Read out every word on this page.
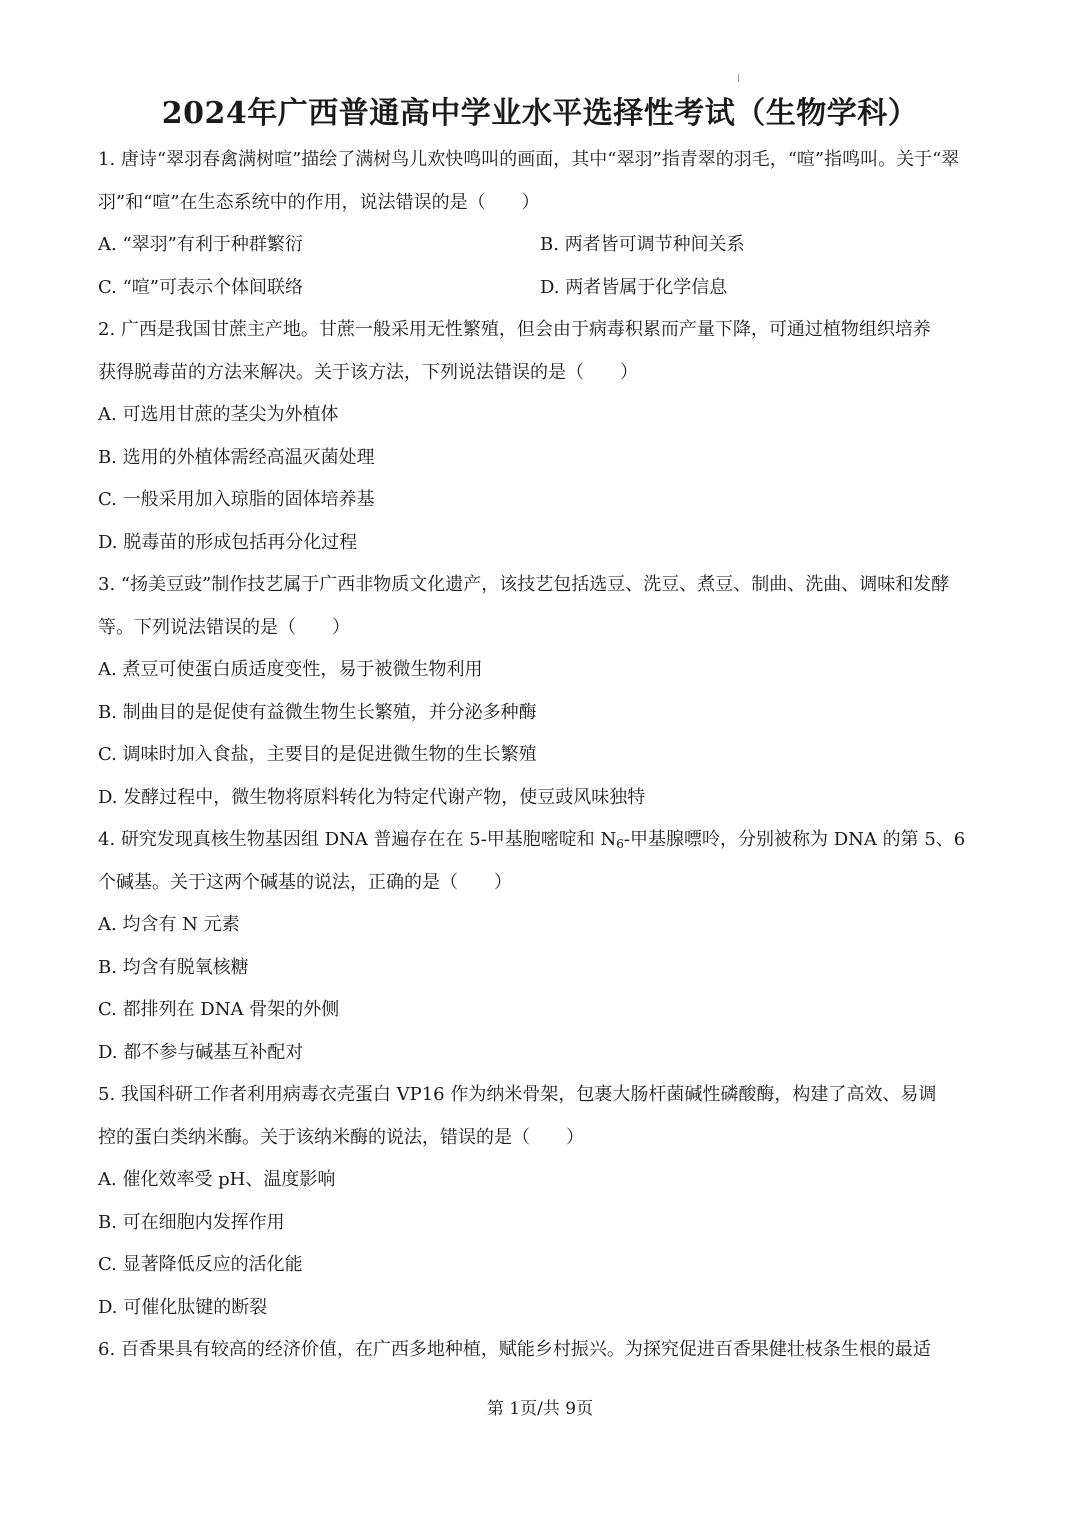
2024年广西普通高中学业水平选择性考试（生物学科）
1. 唐诗“翠羽春禽满树喧”描绘了满树鸟儿欢快鸣叫的画面，其中“翠羽”指青翠的羽毛，“喧”指鸣叫。关于“翠
羽”和“喧”在生态系统中的作用，说法错误的是（　　）
A. “翠羽”有利于种群繁衍	B. 两者皆可调节种间关系
C. “喧”可表示个体间联络	D. 两者皆属于化学信息
2. 广西是我国甘蔗主产地。甘蔗一般采用无性繁殖，但会由于病毒积累而产量下降，可通过植物组织培养
获得脱毒苗的方法来解决。关于该方法，下列说法错误的是（　　）
A. 可选用甘蔗的茎尖为外植体
B. 选用的外植体需经高温灭菌处理
C. 一般采用加入琼脂的固体培养基
D. 脱毒苗的形成包括再分化过程
3. “扬美豆豉”制作技艺属于广西非物质文化遗产，该技艺包括选豆、洗豆、煮豆、制曲、洗曲、调味和发酵
等。下列说法错误的是（　　）
A. 煮豆可使蛋白质适度变性，易于被微生物利用
B. 制曲目的是促使有益微生物生长繁殖，并分泌多种酶
C. 调味时加入食盐，主要目的是促进微生物的生长繁殖
D. 发酵过程中，微生物将原料转化为特定代谢产物，使豆豉风味独特
4. 研究发现真核生物基因组 DNA 普遍存在在 5-甲基胞嘧啶和 $N_6-$甲基腺嘌呤，分别被称为 DNA 的第 5、6
个碱基。关于这两个碱基的说法，正确的是（　　）
A. 均含有 N 元素
B. 均含有脱氧核糖
C. 都排列在 DNA 骨架的外侧
D. 都不参与碱基互补配对
5. 我国科研工作者利用病毒衣壳蛋白 VP16 作为纳米骨架，包裹大肠杆菌碱性磷酸酶，构建了高效、易调
控的蛋白类纳米酶。关于该纳米酶的说法，错误的是（　　）
A. 催化效率受 pH、温度影响
B. 可在细胞内发挥作用
C. 显著降低反应的活化能
D. 可催化肽键的断裂
6. 百香果具有较高的经济价值，在广西多地种植，赋能乡村振兴。为探究促进百香果健壮枝条生根的最适
第 1页/共 9页
